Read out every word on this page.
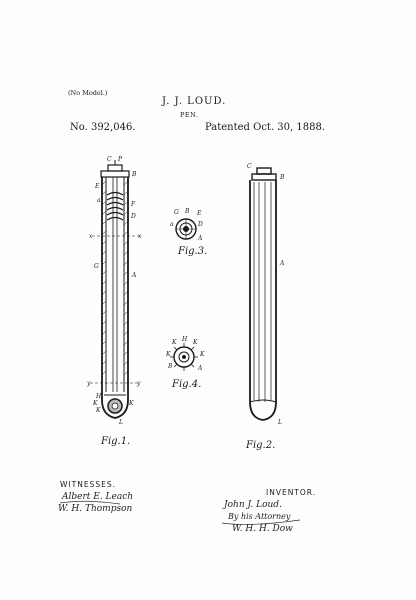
(No Model.)
J. J. LOUD.
PEN.
No. 392,046.	Patented Oct. 30, 1888.
C P
B
E
a
F
D
x	x
G
A
y	y
H
K
K
K
L
C
B
A
L
G B E
a	D
A
K H K
K	K
B	A
Fig.1.	Fig.2.
Fig.3.
Fig.4.
WITNESSES.
Albert E. Leach
W. H. Thompson
INVENTOR.
John J. Loud.
By his Attorney
W. H. H. Dow
